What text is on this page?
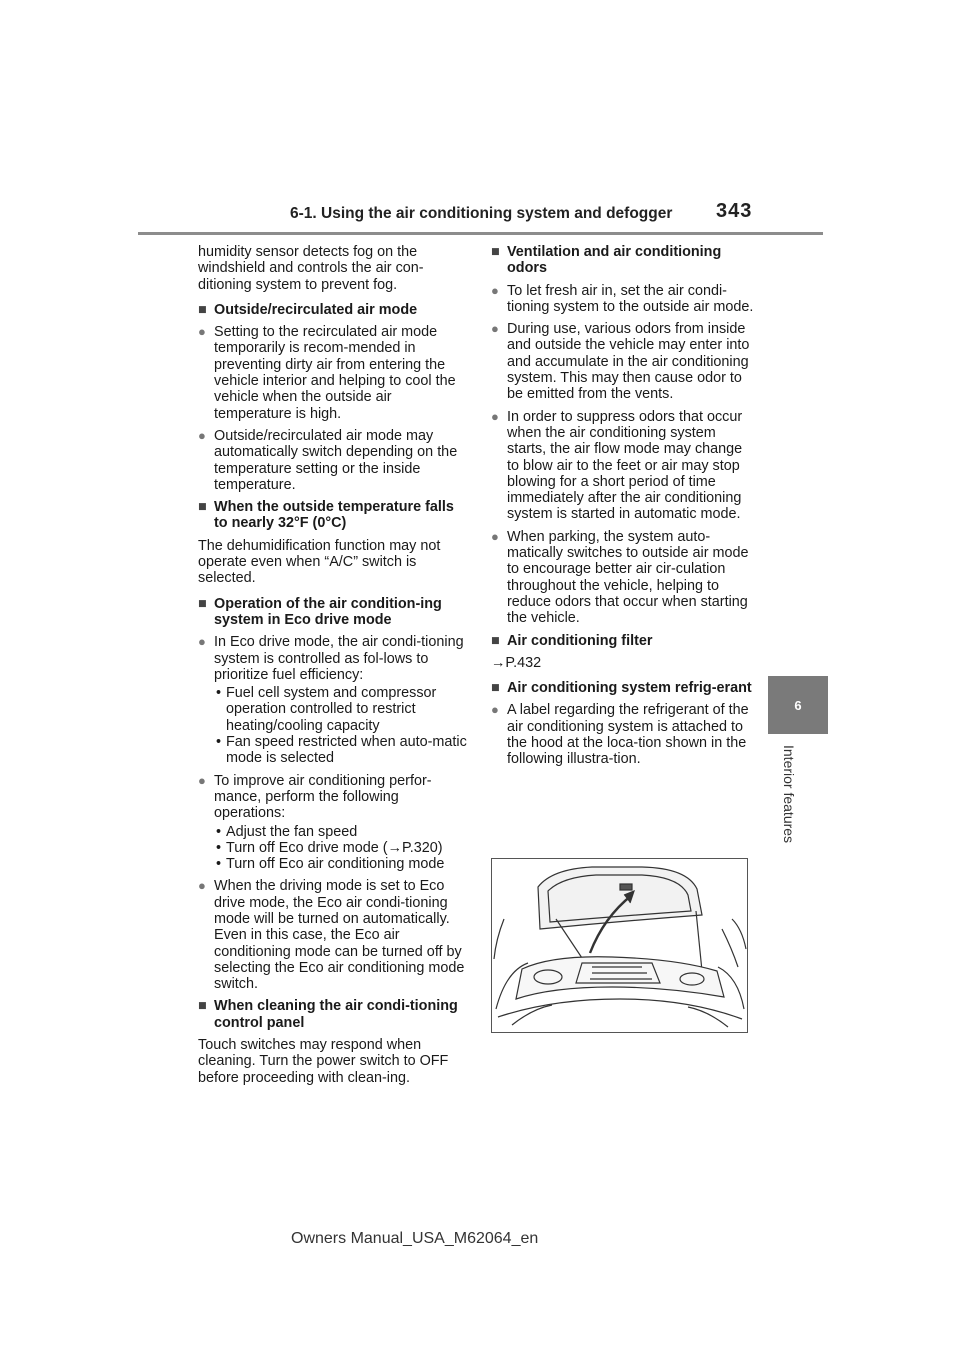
6-1. Using the air conditioning system and defogger 343
6
Interior features

humidity sensor detects fog on the windshield and controls the air con-ditioning system to prevent fog.

■ Outside/recirculated air mode

● Setting to the recirculated air mode temporarily is recom-mended in preventing dirty air from entering the vehicle interior and helping to cool the vehicle when the outside air temperature is high.

● Outside/recirculated air mode may automatically switch depending on the temperature setting or the inside temperature.

■ When the outside temperature falls to nearly 32°F (0°C)

The dehumidification function may not operate even when “A/C” switch is selected.

■ Operation of the air condition-ing system in Eco drive mode

● In Eco drive mode, the air condi-tioning system is controlled as fol-lows to prioritize fuel efficiency:

• Fuel cell system and compressor operation controlled to restrict heating/cooling capacity

• Fan speed restricted when auto-matic mode is selected

● To improve air conditioning perfor-mance, perform the following operations:

• Adjust the fan speed

• Turn off Eco drive mode (→P.320)

• Turn off Eco air conditioning mode

● When the driving mode is set to Eco drive mode, the Eco air condi-tioning mode will be turned on automatically. Even in this case, the Eco air conditioning mode can be turned off by selecting the Eco air conditioning mode switch.

■ When cleaning the air condi-tioning control panel

Touch switches may respond when cleaning. Turn the power switch to OFF before proceeding with clean-ing.

■ Ventilation and air conditioning odors

● To let fresh air in, set the air condi-tioning system to the outside air mode.

● During use, various odors from inside and outside the vehicle may enter into and accumulate in the air conditioning system. This may then cause odor to be emitted from the vents.

● In order to suppress odors that occur when the air conditioning system starts, the air flow mode may change to blow air to the feet or air may stop blowing for a short period of time immediately after the air conditioning system is started in automatic mode.

● When parking, the system auto-matically switches to outside air mode to encourage better air cir-culation throughout the vehicle, helping to reduce odors that occur when starting the vehicle.

■ Air conditioning filter

→P.432

■ Air conditioning system refrig-erant

● A label regarding the refrigerant of the air conditioning system is attached to the hood at the loca-tion shown in the following illustra-tion.

Owners Manual_USA_M62064_en
